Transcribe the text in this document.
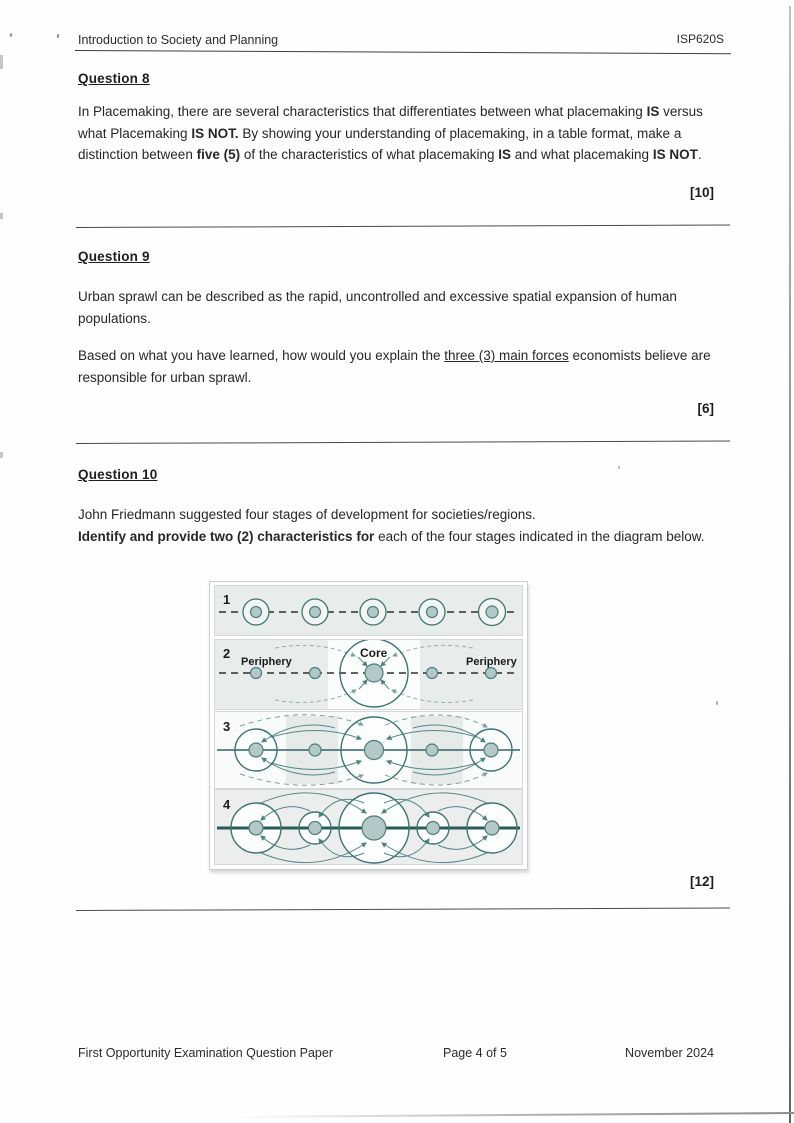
Introduction to Society and Planning	ISP620S
Question 8
In Placemaking, there are several characteristics that differentiates between what placemaking IS versus what Placemaking IS NOT. By showing your understanding of placemaking, in a table format, make a distinction between five (5) of the characteristics of what placemaking IS and what placemaking IS NOT.
[10]
Question 9
Urban sprawl can be described as the rapid, uncontrolled and excessive spatial expansion of human populations.
Based on what you have learned, how would you explain the three (3) main forces economists believe are responsible for urban sprawl.
[6]
Question 10
John Friedmann suggested four stages of development for societies/regions.
Identify and provide two (2) characteristics for each of the four stages indicated in the diagram below.
1
2
Periphery
Core
Periphery
3
4
[12]
First Opportunity Examination Question Paper	Page 4 of 5	November 2024
